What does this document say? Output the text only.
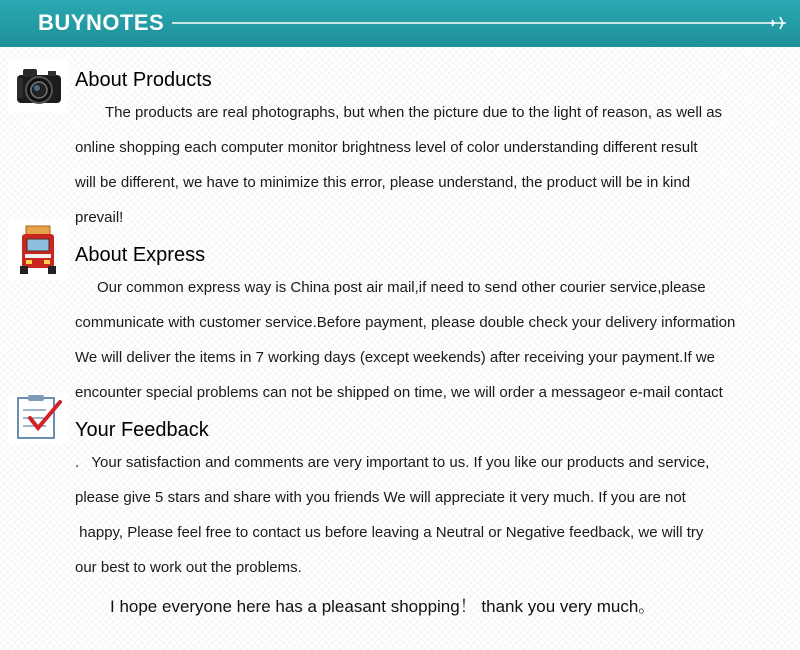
BUYNOTES
About Products
The products are real photographs, but when the picture due to the light of reason, as well as
online shopping each computer monitor brightness level of color understanding different result
will be different, we have to minimize this error, please understand, the product will be in kind
prevail!
About Express
Our common express way is China post air mail,if need to send other courier service,please
communicate with customer service.Before payment, please double check your delivery information
We will deliver the items in 7 working days (except weekends) after receiving your payment.If we
encounter special problems can not be shipped on time, we will order a messageor e-mail contact
Your Feedback
.   Your satisfaction and comments are very important to us. If you like our products and service,
please give 5 stars and share with you friends We will appreciate it very much. If you are not
happy, Please feel free to contact us before leaving a Neutral or Negative feedback, we will try
our best to work out the problems.
I hope everyone here has a pleasant shopping！ thank you very much。
